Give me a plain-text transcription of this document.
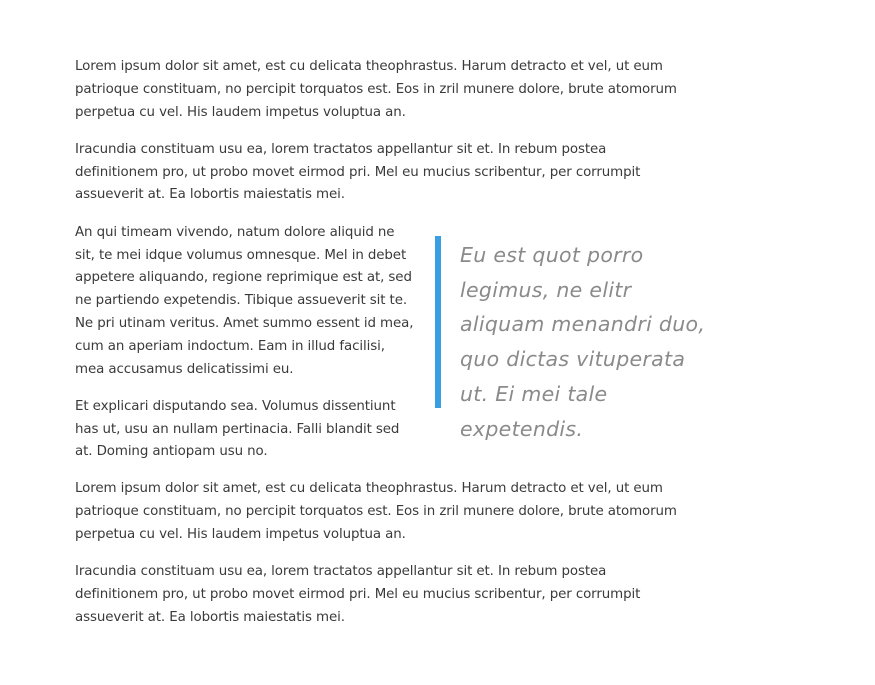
Lorem ipsum dolor sit amet, est cu delicata theophrastus. Harum detracto et vel, ut eum patrioque constituam, no percipit torquatos est. Eos in zril munere dolore, brute atomorum perpetua cu vel. His laudem impetus voluptua an.

Iracundia constituam usu ea, lorem tractatos appellantur sit et. In rebum postea definitionem pro, ut probo movet eirmod pri. Mel eu mucius scribentur, per corrumpit assueverit at. Ea lobortis maiestatis mei.

An qui timeam vivendo, natum dolore aliquid ne sit, te mei idque volumus omnesque. Mel in debet appetere aliquando, regione reprimique est at, sed ne partiendo expetendis. Tibique assueverit sit te. Ne pri utinam veritus. Amet summo essent id mea, cum an aperiam indoctum. Eam in illud facilisi, mea accusamus delicatissimi eu.

Et explicari disputando sea. Volumus dissentiunt has ut, usu an nullam pertinacia. Falli blandit sed at. Doming antiopam usu no.

Eu est quot porro legimus, ne elitr aliquam menandri duo, quo dictas vituperata ut. Ei mei tale expetendis.

Lorem ipsum dolor sit amet, est cu delicata theophrastus. Harum detracto et vel, ut eum patrioque constituam, no percipit torquatos est. Eos in zril munere dolore, brute atomorum perpetua cu vel. His laudem impetus voluptua an.

Iracundia constituam usu ea, lorem tractatos appellantur sit et. In rebum postea definitionem pro, ut probo movet eirmod pri. Mel eu mucius scribentur, per corrumpit assueverit at. Ea lobortis maiestatis mei.
